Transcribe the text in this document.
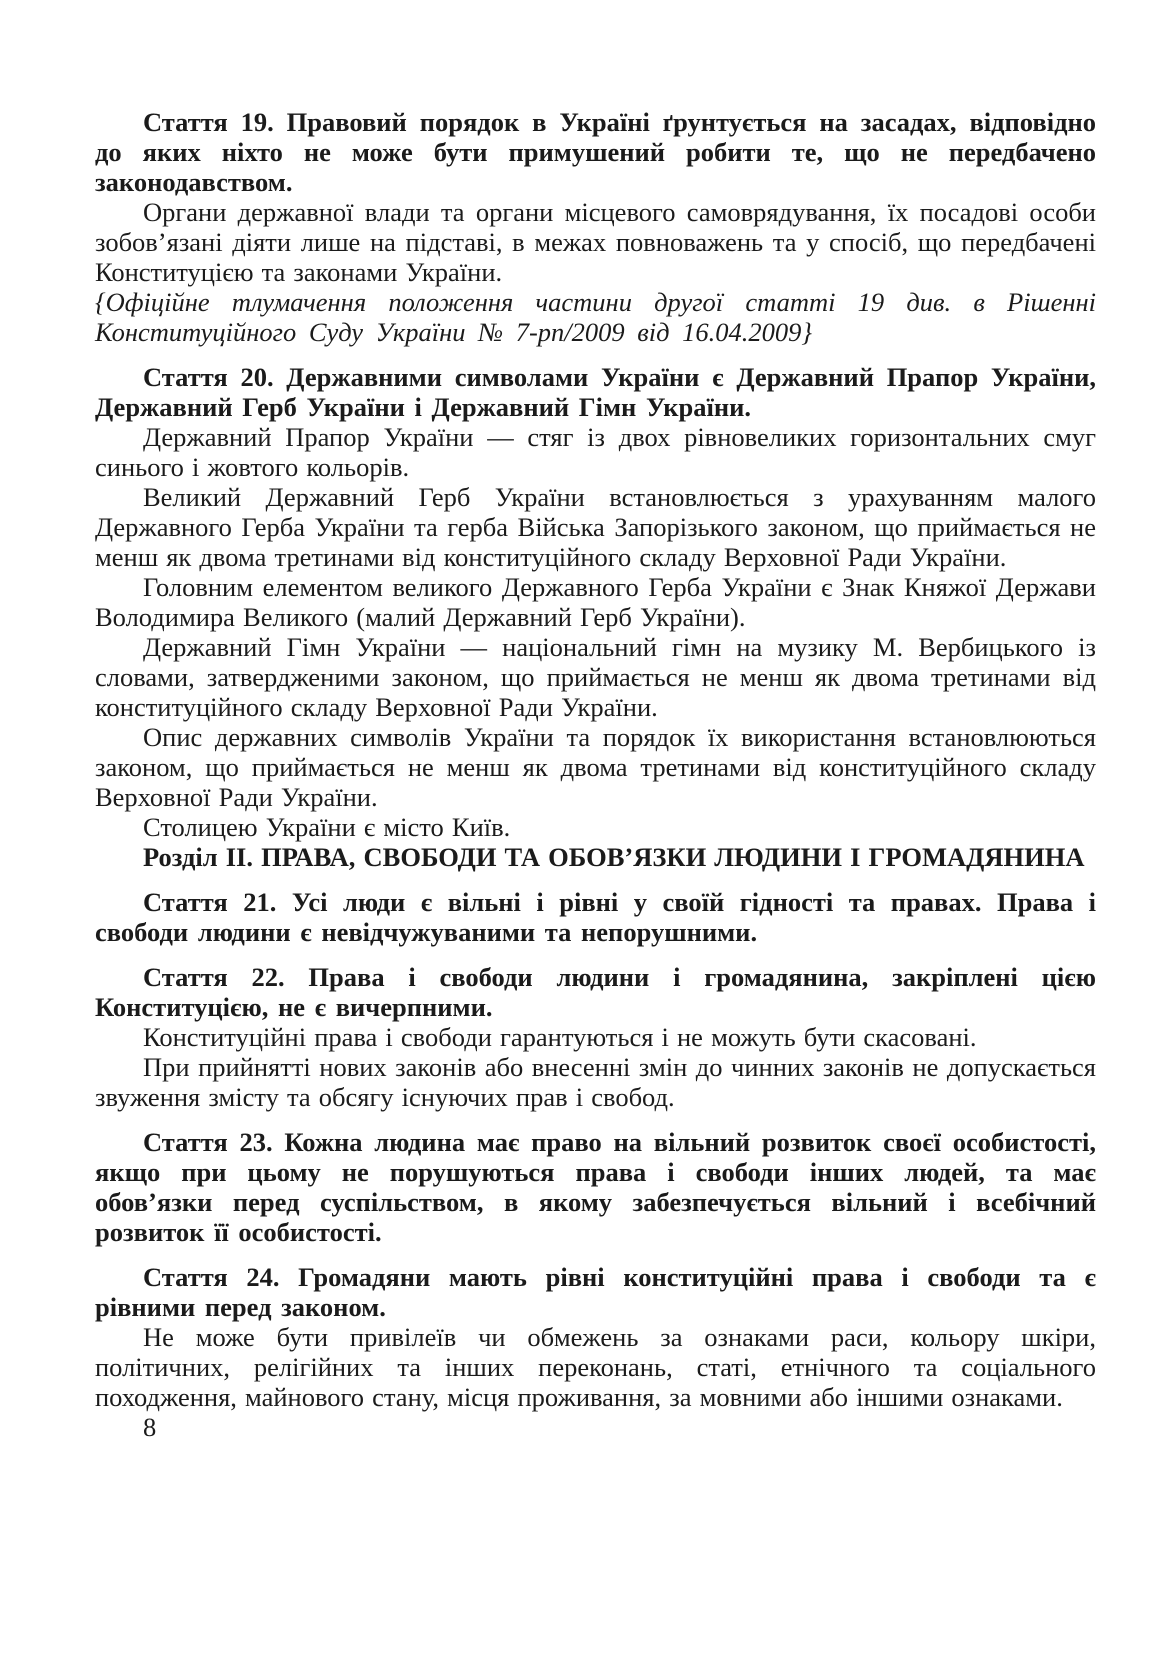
Стаття 19. Правовий порядок в Україні ґрунтується на засадах, відповідно до яких ніхто не може бути примушений робити те, що не передбачено законодавством.

Органи державної влади та органи місцевого самоврядування, їх посадові особи зобов’язані діяти лише на підставі, в межах повноважень та у спосіб, що передбачені Конституцією та законами України.

{Офіційне тлумачення положення частини другої статті 19 див. в Рішенні Конституційного Суду України № 7-рп/2009 від 16.04.2009}

Стаття 20. Державними символами України є Державний Прапор України, Державний Герб України і Державний Гімн України.

Державний Прапор України — стяг із двох рівновеликих горизонтальних смуг синього і жовтого кольорів.

Великий Державний Герб України встановлюється з урахуванням малого Державного Герба України та герба Війська Запорізького законом, що приймається не менш як двома третинами від конституційного складу Верховної Ради України.

Головним елементом великого Державного Герба України є Знак Княжої Держави Володимира Великого (малий Державний Герб України).

Державний Гімн України — національний гімн на музику М. Вербицького із словами, затвердженими законом, що приймається не менш як двома третинами від конституційного складу Верховної Ради України.

Опис державних символів України та порядок їх використання встановлюються законом, що приймається не менш як двома третинами від конституційного складу Верховної Ради України.

Столицею України є місто Київ.

Розділ II. ПРАВА, СВОБОДИ ТА ОБОВ’ЯЗКИ ЛЮДИНИ І ГРОМАДЯНИНА

Стаття 21. Усі люди є вільні і рівні у своїй гідності та правах. Права і свободи людини є невідчужуваними та непорушними.

Стаття 22. Права і свободи людини і громадянина, закріплені цією Конституцією, не є вичерпними.

Конституційні права і свободи гарантуються і не можуть бути скасовані.

При прийнятті нових законів або внесенні змін до чинних законів не допускається звуження змісту та обсягу існуючих прав і свобод.

Стаття 23. Кожна людина має право на вільний розвиток своєї особистості, якщо при цьому не порушуються права і свободи інших людей, та має обов’язки перед суспільством, в якому забезпечується вільний і всебічний розвиток її особистості.

Стаття 24. Громадяни мають рівні конституційні права і свободи та є рівними перед законом.

Не може бути привілеїв чи обмежень за ознаками раси, кольору шкіри, політичних, релігійних та інших переконань, статі, етнічного та соціального походження, майнового стану, місця проживання, за мовними або іншими ознаками.

8
